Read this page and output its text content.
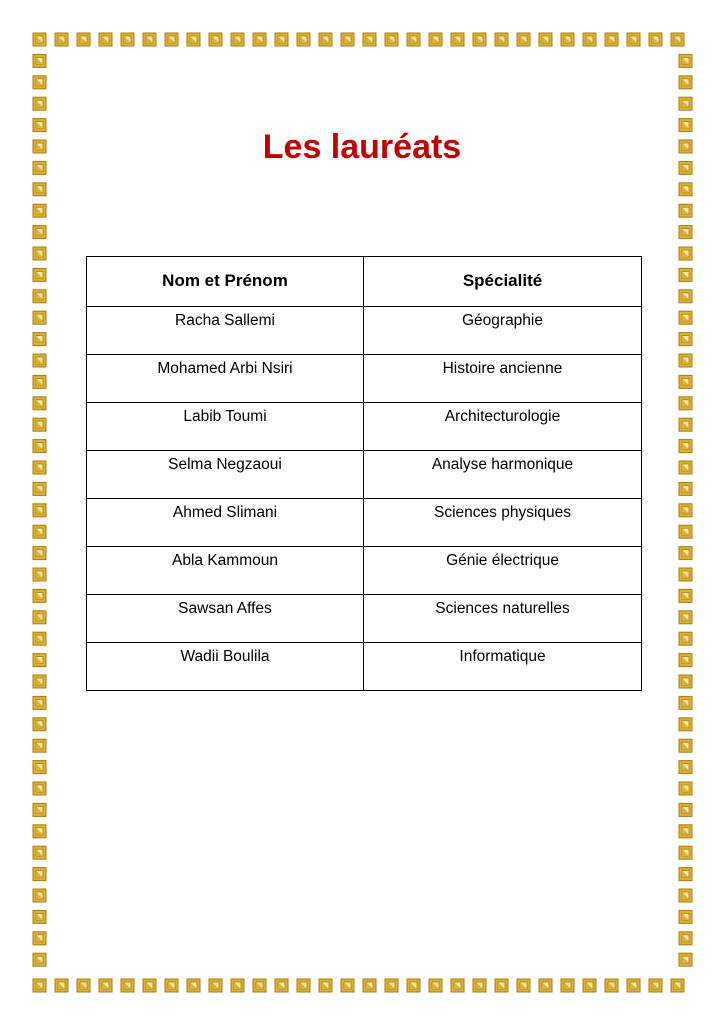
Les lauréats
Nom et Prénom	Spécialité
Racha Sallemi	Géographie
Mohamed Arbi Nsiri	Histoire ancienne
Labib Toumi	Architecturologie
Selma Negzaoui	Analyse harmonique
Ahmed Slimani	Sciences physiques
Abla Kammoun	Génie électrique
Sawsan Affes	Sciences naturelles
Wadii Boulila	Informatique
